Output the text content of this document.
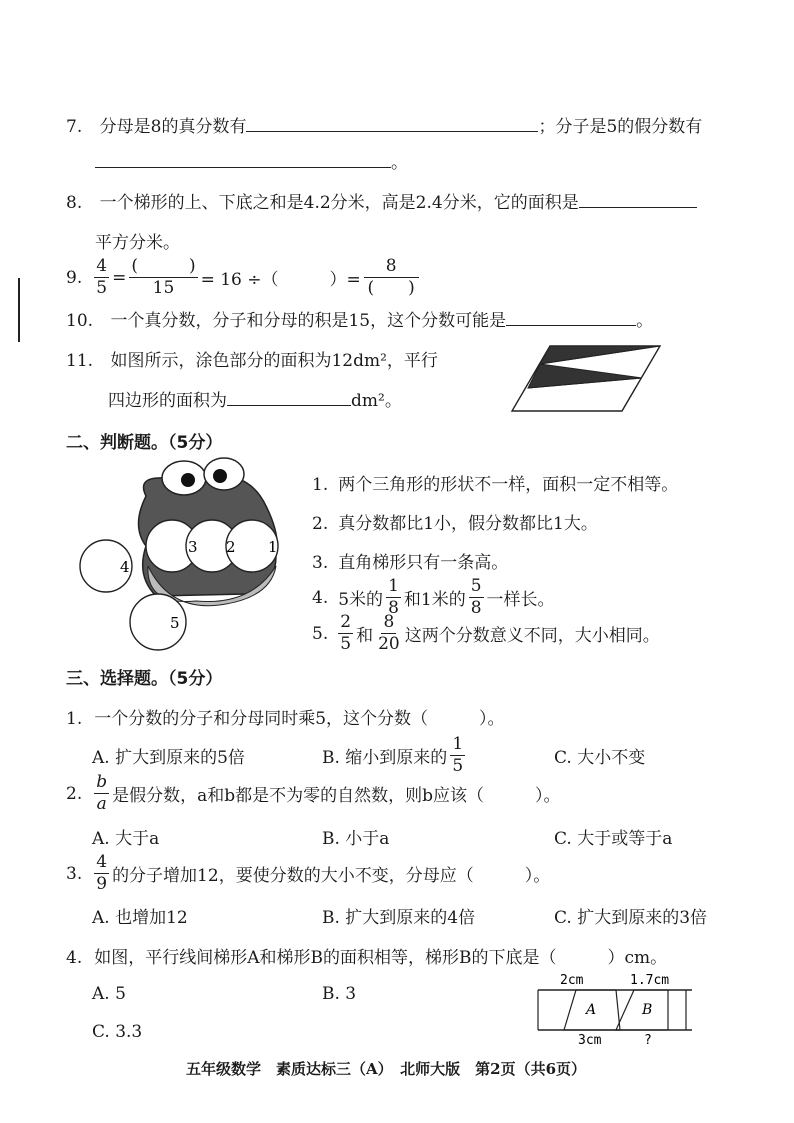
7. 分母是8的真分数有	；分子是5的假分数有
。
8. 一个梯形的上、下底之和是4.2分米，高是2.4分米，它的面积是
平方分米。
9. $\frac{4}{5} = \frac{( )}{15} = 16$ ÷（　　　）= $\frac{8}{( )}$
10. 一个真分数，分子和分母的积是15，这个分数可能是	。
11. 如图所示，涂色部分的面积为12dm²，平行
四边形的面积为	dm²。
二、判断题。（5分）
1
2
3
4
5
1. 两个三角形的形状不一样，面积一定不相等。
2. 真分数都比1小，假分数都比1大。
3. 直角梯形只有一条高。
4. 5米的 $\frac{1}{8}$ 和1米的 $\frac{5}{8}$ 一样长。
5. $\frac{2}{5}$ 和 $\frac{8}{20}$ 这两个分数意义不同，大小相同。
三、选择题。（5分）
1. 一个分数的分子和分母同时乘5，这个分数（　　　）。
A. 扩大到原来的5倍	B. 缩小到原来的 $\frac{1}{5}$	C. 大小不变
2. $\frac{b}{a}$ 是假分数，a和b都是不为零的自然数，则b应该（　　　）。
A. 大于a	B. 小于a	C. 大于或等于a
3. $\frac{4}{9}$ 的分子增加12，要使分数的大小不变，分母应（　　　）。
A. 也增加12	B. 扩大到原来的4倍	C. 扩大到原来的3倍
4. 如图，平行线间梯形A和梯形B的面积相等，梯形B的下底是（　　　）cm。
A. 5	B. 3
C. 3.3
2cm	1.7cm
A	B
3cm	?
五年级数学　素质达标三（A）　北师大版　第2页（共6页）
